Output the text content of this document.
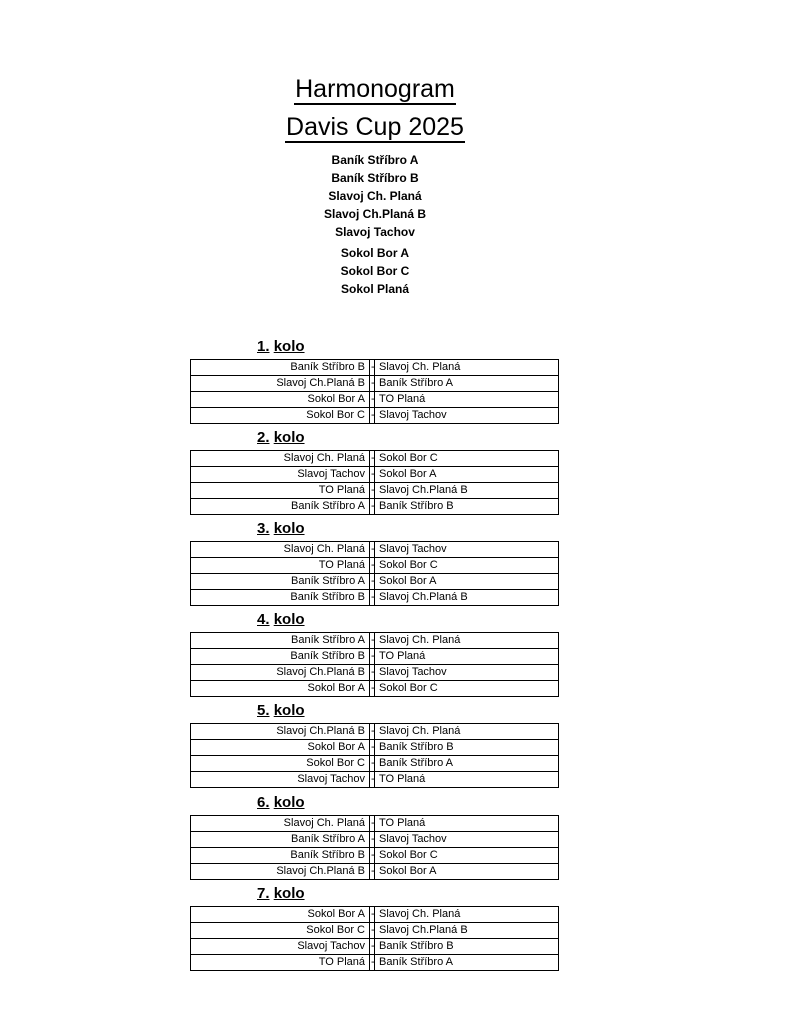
Harmonogram
Davis Cup 2025
Baník Stříbro A
Baník Stříbro B
Slavoj Ch. Planá
Slavoj Ch.Planá B
Slavoj Tachov
Sokol Bor A
Sokol Bor C
Sokol Planá
1. kolo
Baník Stříbro B	-	Slavoj Ch. Planá
Slavoj Ch.Planá B	-	Baník Stříbro A
Sokol Bor A	-	TO Planá
Sokol Bor C	-	Slavoj Tachov
2. kolo
Slavoj Ch. Planá	-	Sokol Bor C
Slavoj Tachov	-	Sokol Bor A
TO Planá	-	Slavoj Ch.Planá B
Baník Stříbro A	-	Baník Stříbro B
3. kolo
Slavoj Ch. Planá	-	Slavoj Tachov
TO Planá	-	Sokol Bor C
Baník Stříbro A	-	Sokol Bor A
Baník Stříbro B	-	Slavoj Ch.Planá B
4. kolo
Baník Stříbro A	-	Slavoj Ch. Planá
Baník Stříbro B	-	TO Planá
Slavoj Ch.Planá B	-	Slavoj Tachov
Sokol Bor A	-	Sokol Bor C
5. kolo
Slavoj Ch.Planá B	-	Slavoj Ch. Planá
Sokol Bor A	-	Baník Stříbro B
Sokol Bor C	-	Baník Stříbro A
Slavoj Tachov	-	TO Planá
6. kolo
Slavoj Ch. Planá	-	TO Planá
Baník Stříbro A	-	Slavoj Tachov
Baník Stříbro B	-	Sokol Bor C
Slavoj Ch.Planá B	-	Sokol Bor A
7. kolo
Sokol Bor A	-	Slavoj Ch. Planá
Sokol Bor C	-	Slavoj Ch.Planá B
Slavoj Tachov	-	Baník Stříbro B
TO Planá	-	Baník Stříbro A
